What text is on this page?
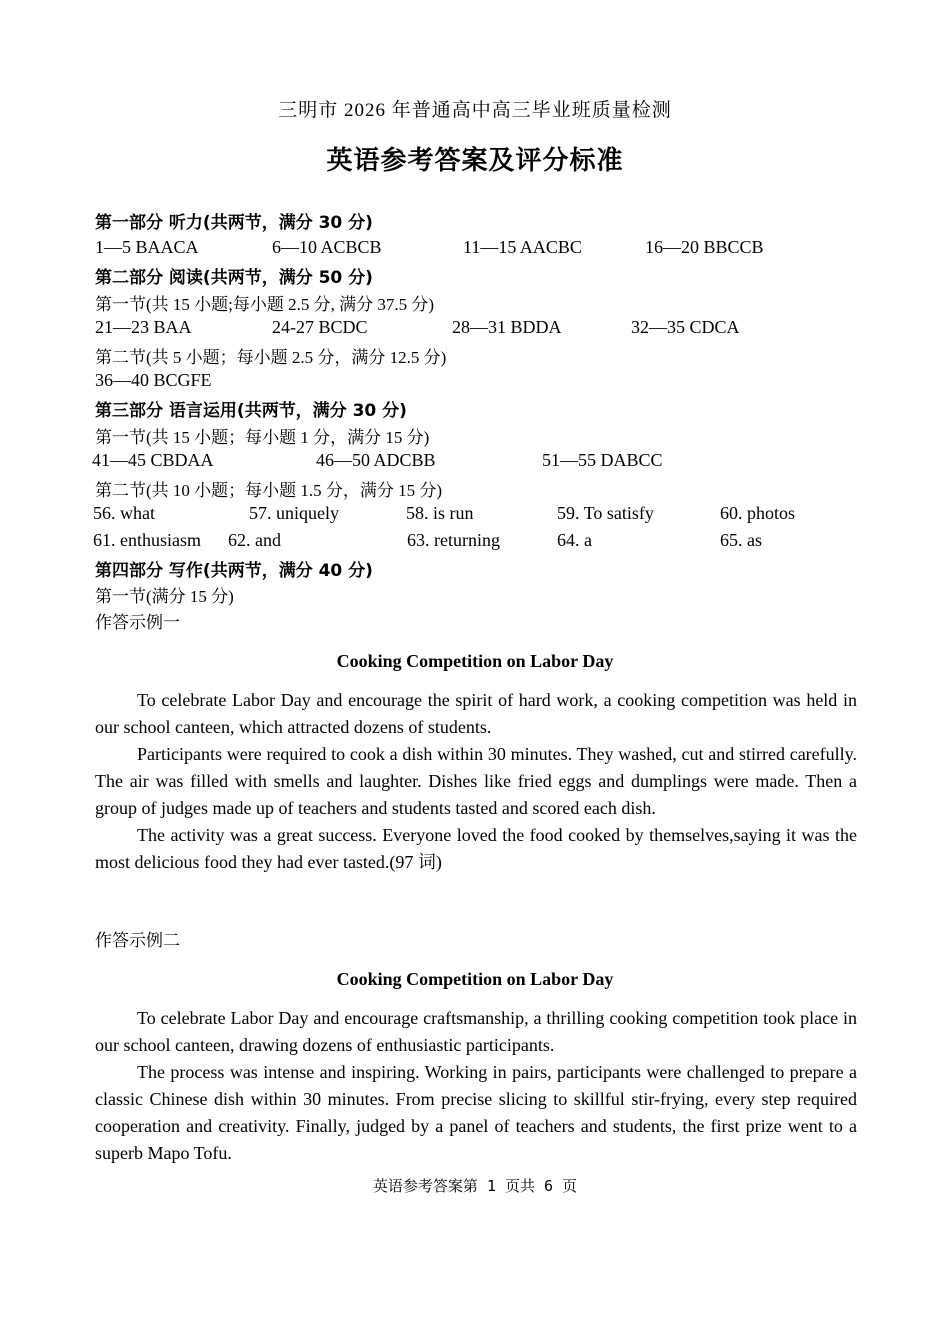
三明市 2026 年普通高中高三毕业班质量检测
英语参考答案及评分标准
第一部分 听力(共两节，满分 30 分)
1—5 BAACA	6—10 ACBCB	11—15 AACBC	16—20 BBCCB
第二部分 阅读(共两节，满分 50 分)
第一节(共 15 小题;每小题 2.5 分, 满分 37.5 分)
21—23 BAA	24-27 BCDC	28—31 BDDA	32—35 CDCA
第二节(共 5 小题；每小题 2.5 分，满分 12.5 分)
36—40 BCGFE
第三部分 语言运用(共两节，满分 30 分)
第一节(共 15 小题；每小题 1 分，满分 15 分)
41—45 CBDAA	46—50 ADCBB	51—55 DABCC
第二节(共 10 小题；每小题 1.5 分，满分 15 分)
56. what	57. uniquely	58. is run	59. To satisfy	60. photos
61. enthusiasm 62. and	63. returning	64. a	65. as
第四部分 写作(共两节，满分 40 分)
第一节(满分 15 分)
作答示例一
Cooking Competition on Labor Day

To celebrate Labor Day and encourage the spirit of hard work, a cooking competition was held in our school canteen, which attracted dozens of students.

Participants were required to cook a dish within 30 minutes. They washed, cut and stirred carefully. The air was filled with smells and laughter. Dishes like fried eggs and dumplings were made. Then a group of judges made up of teachers and students tasted and scored each dish.

The activity was a great success. Everyone loved the food cooked by themselves,saying it was the most delicious food they had ever tasted.(97 词)

作答示例二
Cooking Competition on Labor Day

To celebrate Labor Day and encourage craftsmanship, a thrilling cooking competition took place in our school canteen, drawing dozens of enthusiastic participants.

The process was intense and inspiring. Working in pairs, participants were challenged to prepare a classic Chinese dish within 30 minutes. From precise slicing to skillful stir-frying, every step required cooperation and creativity. Finally, judged by a panel of teachers and students, the first prize went to a superb Mapo Tofu.

英语参考答案第 1 页共 6 页
